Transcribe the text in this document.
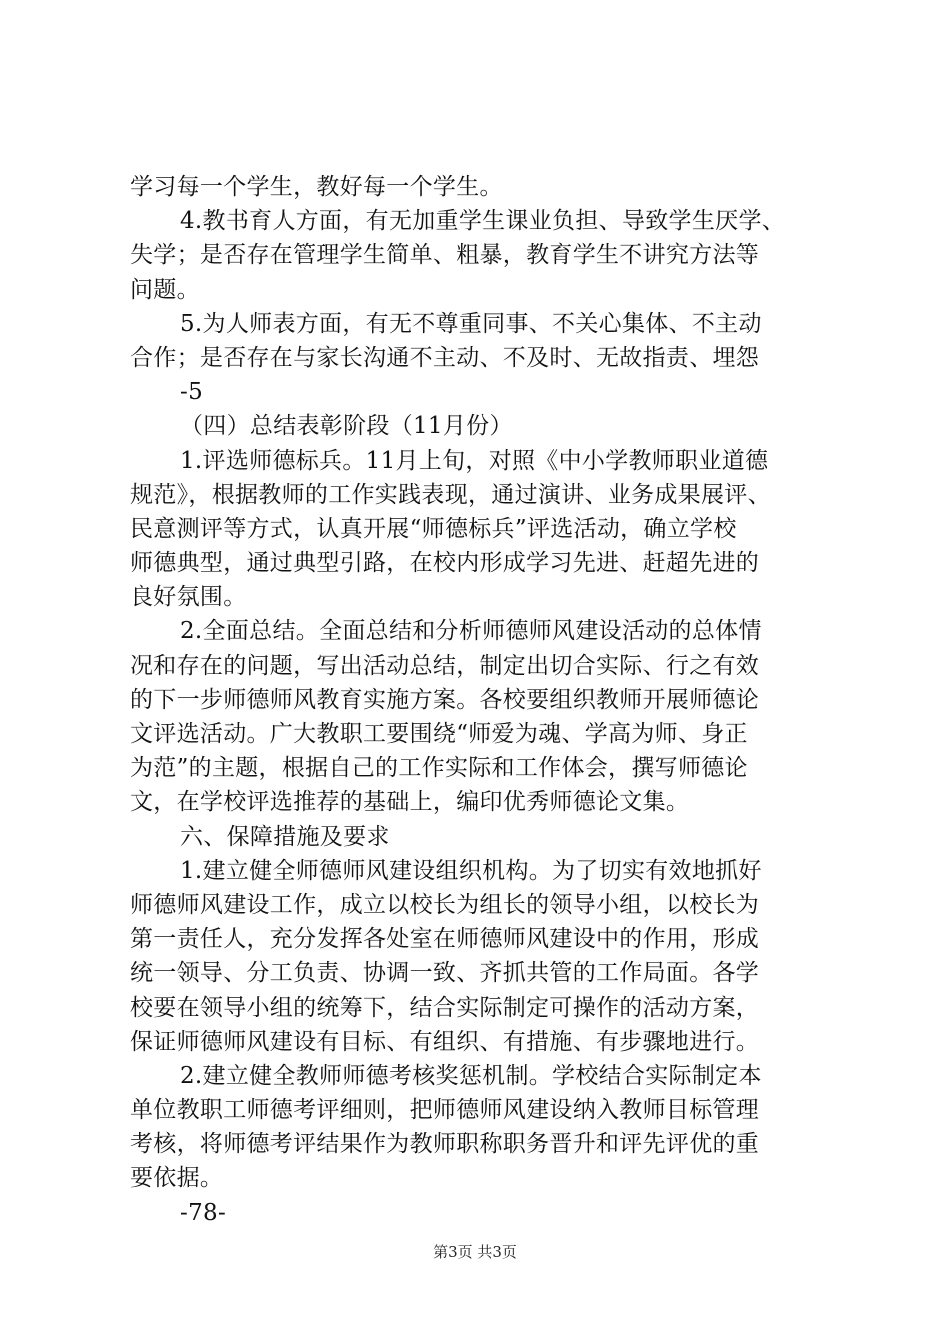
学习每一个学生，教好每一个学生。
4.教书育人方面，有无加重学生课业负担、导致学生厌学、
失学；是否存在管理学生简单、粗暴，教育学生不讲究方法等
问题。
5.为人师表方面，有无不尊重同事、不关心集体、不主动
合作；是否存在与家长沟通不主动、不及时、无故指责、埋怨
-5
（四）总结表彰阶段（11月份）
1.评选师德标兵。11月上旬，对照《中小学教师职业道德
规范》，根据教师的工作实践表现，通过演讲、业务成果展评、
民意测评等方式，认真开展“师德标兵”评选活动，确立学校
师德典型，通过典型引路，在校内形成学习先进、赶超先进的
良好氛围。
2.全面总结。全面总结和分析师德师风建设活动的总体情
况和存在的问题，写出活动总结，制定出切合实际、行之有效
的下一步师德师风教育实施方案。各校要组织教师开展师德论
文评选活动。广大教职工要围绕“师爱为魂、学高为师、身正
为范”的主题，根据自己的工作实际和工作体会，撰写师德论
文，在学校评选推荐的基础上，编印优秀师德论文集。
六、保障措施及要求
1.建立健全师德师风建设组织机构。为了切实有效地抓好
师德师风建设工作，成立以校长为组长的领导小组，以校长为
第一责任人，充分发挥各处室在师德师风建设中的作用，形成
统一领导、分工负责、协调一致、齐抓共管的工作局面。各学
校要在领导小组的统筹下，结合实际制定可操作的活动方案，
保证师德师风建设有目标、有组织、有措施、有步骤地进行。
2.建立健全教师师德考核奖惩机制。学校结合实际制定本
单位教职工师德考评细则，把师德师风建设纳入教师目标管理
考核，将师德考评结果作为教师职称职务晋升和评先评优的重
要依据。
-78-
第3页 共3页
